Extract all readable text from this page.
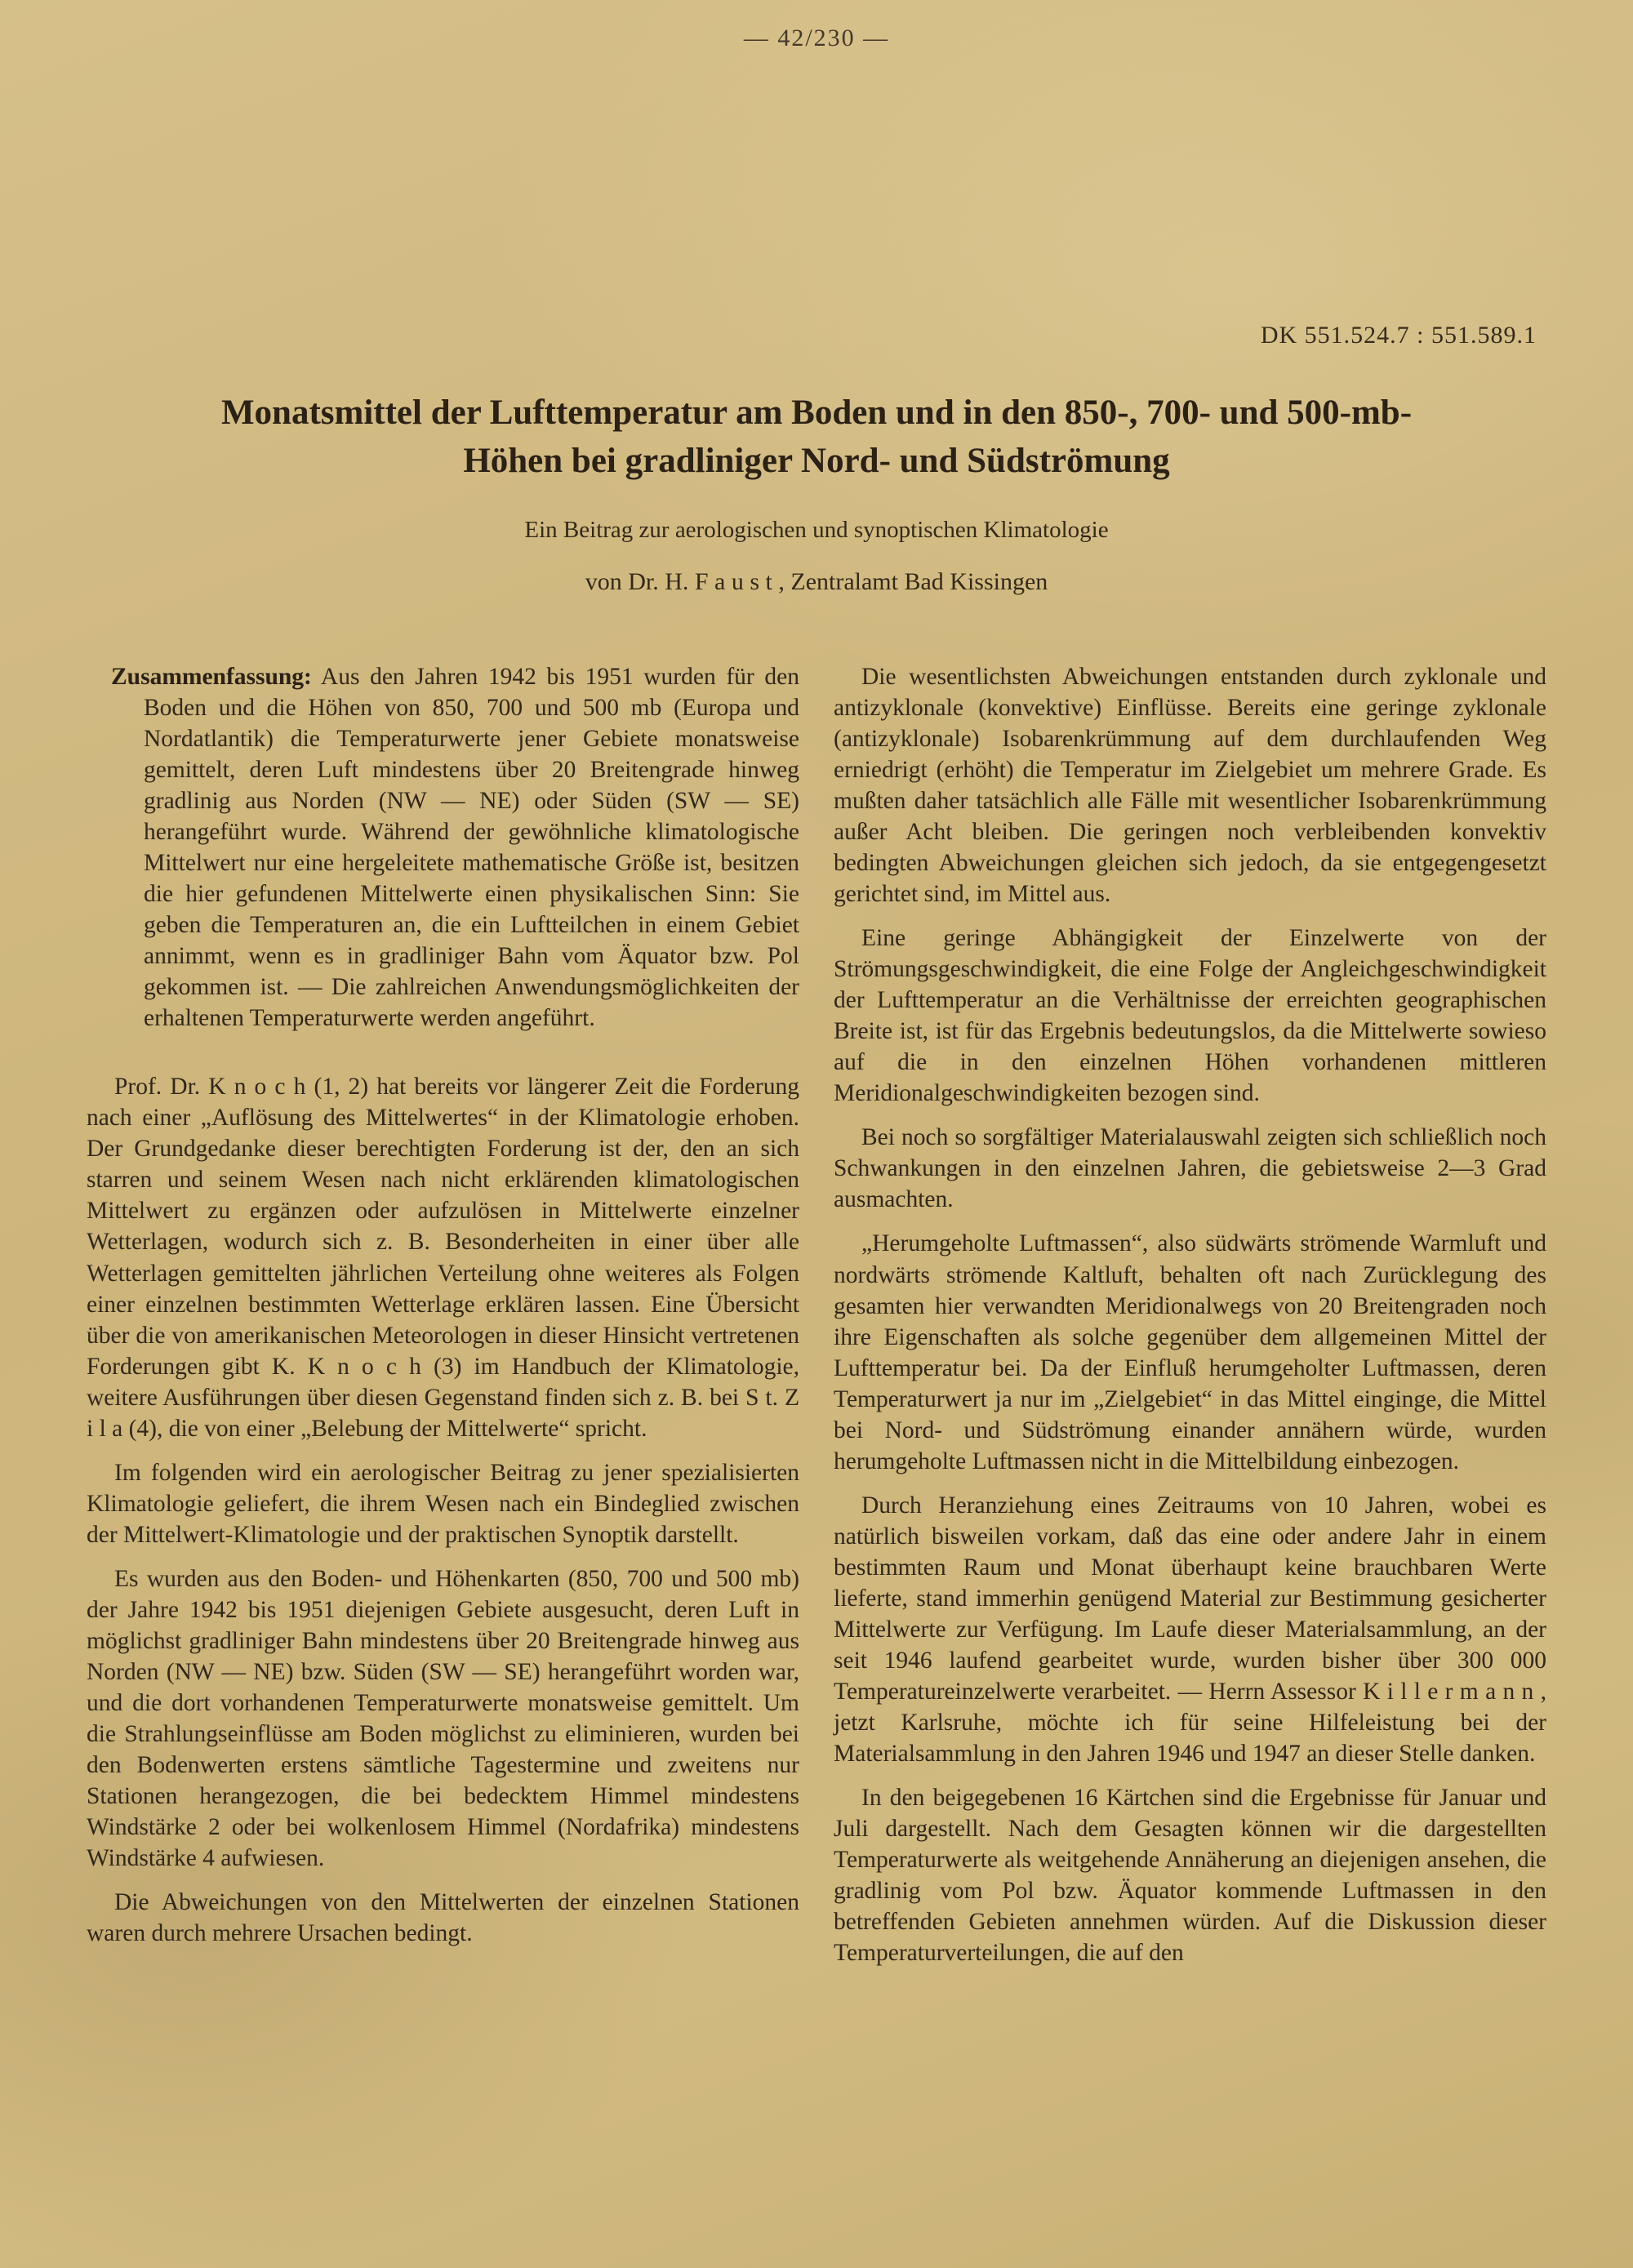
— 42/230 —
DK 551.524.7 : 551.589.1
Monatsmittel der Lufttemperatur am Boden und in den 850-, 700- und 500-mb-
Höhen bei gradliniger Nord- und Südströmung
Ein Beitrag zur aerologischen und synoptischen Klimatologie
von Dr. H. F a u s t , Zentralamt Bad Kissingen

Zusammenfassung: Aus den Jahren 1942 bis 1951 wurden für den Boden und die Höhen von 850, 700 und 500 mb (Europa und Nordatlantik) die Temperaturwerte jener Gebiete monatsweise gemittelt, deren Luft mindestens über 20 Breitengrade hinweg gradlinig aus Norden (NW — NE) oder Süden (SW — SE) herangeführt wurde. Während der gewöhnliche klimatologische Mittelwert nur eine hergeleitete mathematische Größe ist, besitzen die hier gefundenen Mittelwerte einen physikalischen Sinn: Sie geben die Temperaturen an, die ein Luftteilchen in einem Gebiet annimmt, wenn es in gradliniger Bahn vom Äquator bzw. Pol gekommen ist. — Die zahlreichen Anwendungsmöglichkeiten der erhaltenen Temperaturwerte werden angeführt.

Prof. Dr. K n o c h (1, 2) hat bereits vor längerer Zeit die Forderung nach einer „Auflösung des Mittelwertes“ in der Klimatologie erhoben. Der Grundgedanke dieser berechtigten Forderung ist der, den an sich starren und seinem Wesen nach nicht erklärenden klimatologischen Mittelwert zu ergänzen oder aufzulösen in Mittelwerte einzelner Wetterlagen, wodurch sich z. B. Besonderheiten in einer über alle Wetterlagen gemittelten jährlichen Verteilung ohne weiteres als Folgen einer einzelnen bestimmten Wetterlage erklären lassen. Eine Übersicht über die von amerikanischen Meteorologen in dieser Hinsicht vertretenen Forderungen gibt K. K n o c h (3) im Handbuch der Klimatologie, weitere Ausführungen über diesen Gegenstand finden sich z. B. bei S t. Z i l a (4), die von einer „Belebung der Mittelwerte“ spricht.

Im folgenden wird ein aerologischer Beitrag zu jener spezialisierten Klimatologie geliefert, die ihrem Wesen nach ein Bindeglied zwischen der Mittelwert-Klimatologie und der praktischen Synoptik darstellt.

Es wurden aus den Boden- und Höhenkarten (850, 700 und 500 mb) der Jahre 1942 bis 1951 diejenigen Gebiete ausgesucht, deren Luft in möglichst gradliniger Bahn mindestens über 20 Breitengrade hinweg aus Norden (NW — NE) bzw. Süden (SW — SE) herangeführt worden war, und die dort vorhandenen Temperaturwerte monatsweise gemittelt. Um die Strahlungseinflüsse am Boden möglichst zu eliminieren, wurden bei den Bodenwerten erstens sämtliche Tagestermine und zweitens nur Stationen herangezogen, die bei bedecktem Himmel mindestens Windstärke 2 oder bei wolkenlosem Himmel (Nordafrika) mindestens Windstärke 4 aufwiesen.

Die Abweichungen von den Mittelwerten der einzelnen Stationen waren durch mehrere Ursachen bedingt.

Die wesentlichsten Abweichungen entstanden durch zyklonale und antizyklonale (konvektive) Einflüsse. Bereits eine geringe zyklonale (antizyklonale) Isobarenkrümmung auf dem durchlaufenden Weg erniedrigt (erhöht) die Temperatur im Zielgebiet um mehrere Grade. Es mußten daher tatsächlich alle Fälle mit wesentlicher Isobarenkrümmung außer Acht bleiben. Die geringen noch verbleibenden konvektiv bedingten Abweichungen gleichen sich jedoch, da sie entgegengesetzt gerichtet sind, im Mittel aus.

Eine geringe Abhängigkeit der Einzelwerte von der Strömungsgeschwindigkeit, die eine Folge der Angleichgeschwindigkeit der Lufttemperatur an die Verhältnisse der erreichten geographischen Breite ist, ist für das Ergebnis bedeutungslos, da die Mittelwerte sowieso auf die in den einzelnen Höhen vorhandenen mittleren Meridionalgeschwindigkeiten bezogen sind.

Bei noch so sorgfältiger Materialauswahl zeigten sich schließlich noch Schwankungen in den einzelnen Jahren, die gebietsweise 2—3 Grad ausmachten.

„Herumgeholte Luftmassen“, also südwärts strömende Warmluft und nordwärts strömende Kaltluft, behalten oft nach Zurücklegung des gesamten hier verwandten Meridionalwegs von 20 Breitengraden noch ihre Eigenschaften als solche gegenüber dem allgemeinen Mittel der Lufttemperatur bei. Da der Einfluß herumgeholter Luftmassen, deren Temperaturwert ja nur im „Zielgebiet“ in das Mittel einginge, die Mittel bei Nord- und Südströmung einander annähern würde, wurden herumgeholte Luftmassen nicht in die Mittelbildung einbezogen.

Durch Heranziehung eines Zeitraums von 10 Jahren, wobei es natürlich bisweilen vorkam, daß das eine oder andere Jahr in einem bestimmten Raum und Monat überhaupt keine brauchbaren Werte lieferte, stand immerhin genügend Material zur Bestimmung gesicherter Mittelwerte zur Verfügung. Im Laufe dieser Materialsammlung, an der seit 1946 laufend gearbeitet wurde, wurden bisher über 300 000 Temperatureinzelwerte verarbeitet. — Herrn Assessor K i l l e r m a n n , jetzt Karlsruhe, möchte ich für seine Hilfeleistung bei der Materialsammlung in den Jahren 1946 und 1947 an dieser Stelle danken.

In den beigegebenen 16 Kärtchen sind die Ergebnisse für Januar und Juli dargestellt. Nach dem Gesagten können wir die dargestellten Temperaturwerte als weitgehende Annäherung an diejenigen ansehen, die gradlinig vom Pol bzw. Äquator kommende Luftmassen in den betreffenden Gebieten annehmen würden. Auf die Diskussion dieser Temperaturverteilungen, die auf den
